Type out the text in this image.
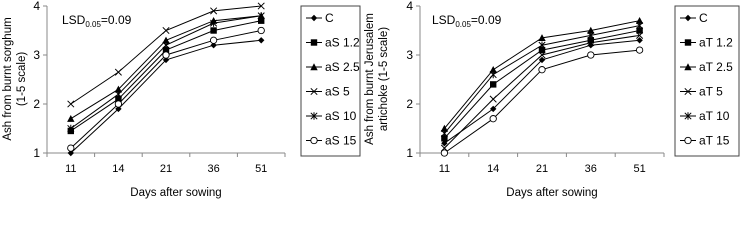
1
2
3
4
11	14	21	36	51
$LSD_{0.05}=0.09$
Ash from burnt sorghum (1-5 scale)
Days after sowing
C
aS 1.2
aS 2.5
aS 5
aS 10
aS 15
1
2
3
4
11	14	21	36	51
$LSD_{0.05}=0.09$
Ash from burnt Jerusalem artichoke (1-5 scale)
Days after sowing
C
aT 1.2
aT 2.5
aT 5
aT 10
aT 15
